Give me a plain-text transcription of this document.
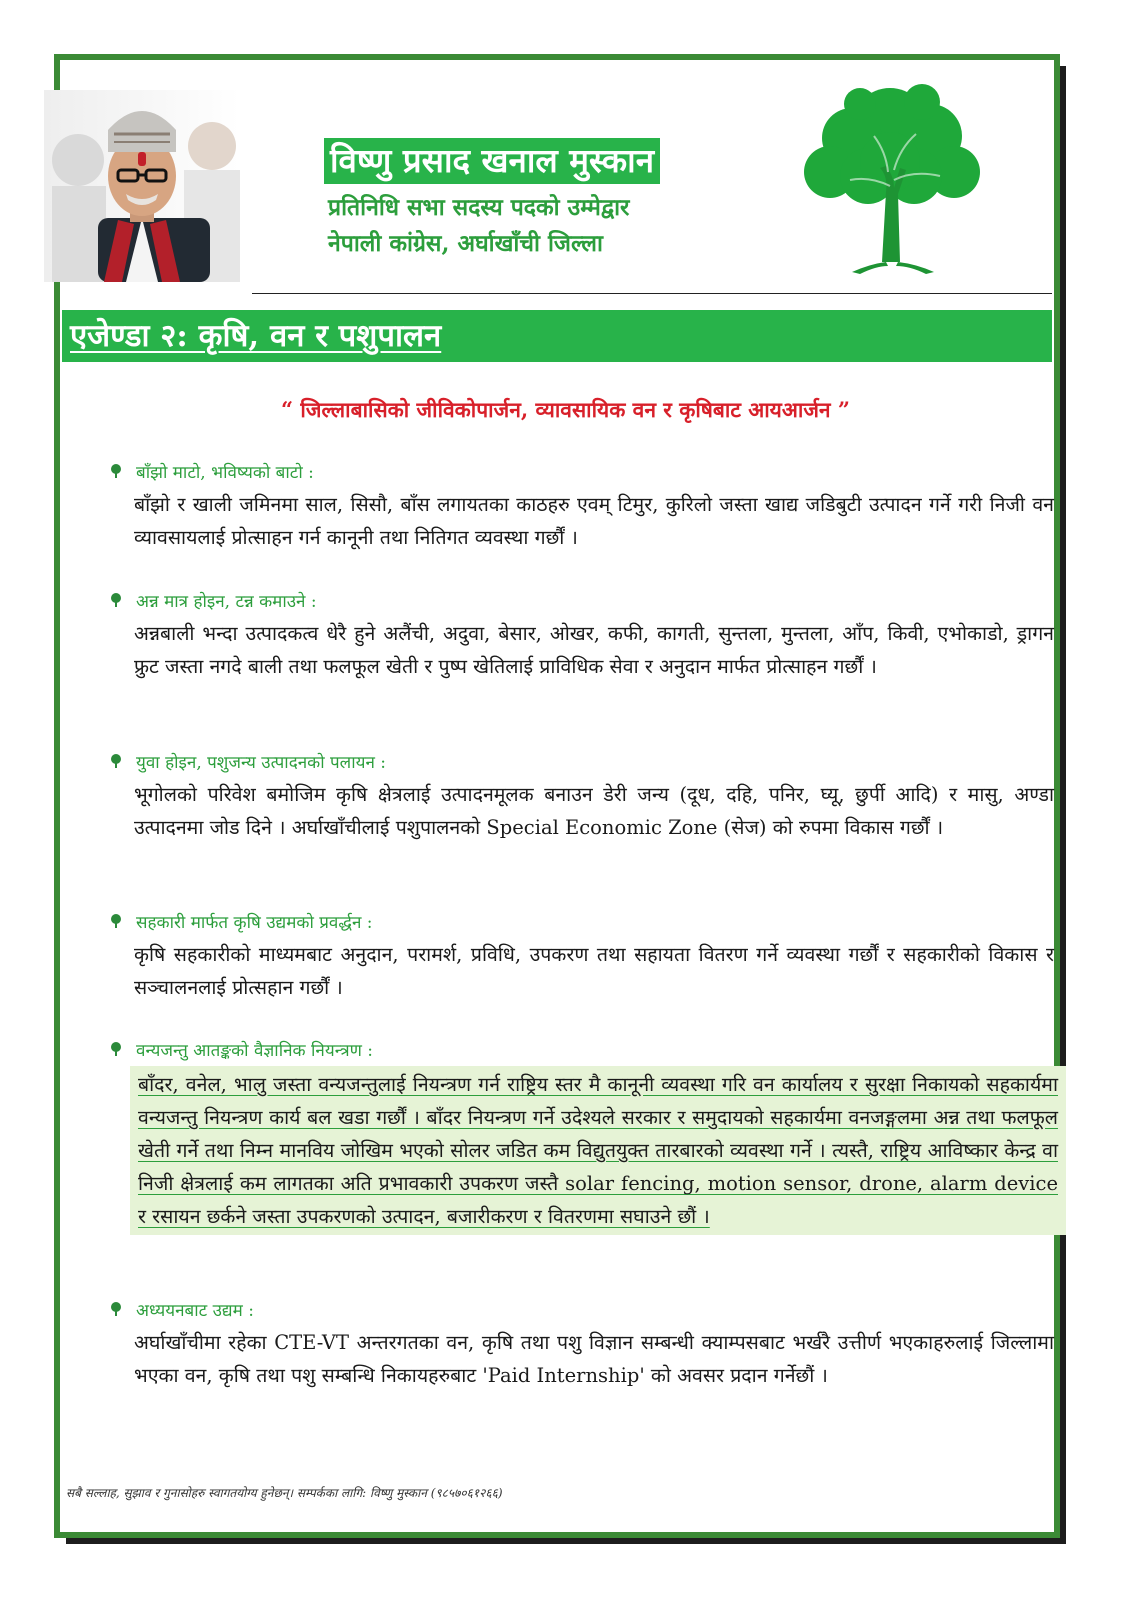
विष्णु प्रसाद खनाल मुस्कान
प्रतिनिधि सभा सदस्य पदको उम्मेद्वार
नेपाली कांग्रेस, अर्घाखाँची जिल्ला
एजेण्डा २: कृषि, वन र पशुपालन
“ जिल्लाबासिको जीविकोपार्जन, व्यावसायिक वन र कृषिबाट आयआर्जन ”
बाँझो माटो, भविष्यको बाटो :
बाँझो र खाली जमिनमा साल, सिसौ, बाँस लगायतका काठहरु एवम् टिमुर, कुरिलो जस्ता खाद्य जडिबुटी उत्पादन गर्ने गरी निजी वन व्यावसायलाई प्रोत्साहन गर्न कानूनी तथा नितिगत व्यवस्था गर्छौं ।
अन्न मात्र होइन, टन्न कमाउने :
अन्नबाली भन्दा उत्पादकत्व धेरै हुने अलैंची, अदुवा, बेसार, ओखर, कफी, कागती, सुन्तला, मुन्तला, आँप, किवी, एभोकाडो, ड्रागन फ्रुट जस्ता नगदे बाली तथा फलफूल खेती र पुष्प खेतिलाई प्राविधिक सेवा र अनुदान मार्फत प्रोत्साहन गर्छौं ।
युवा होइन, पशुजन्य उत्पादनको पलायन :
भूगोलको परिवेश बमोजिम कृषि क्षेत्रलाई उत्पादनमूलक बनाउन डेरी जन्य (दूध, दहि, पनिर, घ्यू, छुर्पी आदि) र मासु, अण्डा उत्पादनमा जोड दिने । अर्घाखाँचीलाई पशुपालनको Special Economic Zone (सेज) को रुपमा विकास गर्छौं ।
सहकारी मार्फत कृषि उद्यमको प्रवर्द्धन :
कृषि सहकारीको माध्यमबाट अनुदान, परामर्श, प्रविधि, उपकरण तथा सहायता वितरण गर्ने व्यवस्था गर्छौं र सहकारीको विकास र सञ्चालनलाई प्रोत्सहान गर्छौं ।
वन्यजन्तु आतङ्कको वैज्ञानिक नियन्त्रण :
बाँदर, वनेल, भालु जस्ता वन्यजन्तुलाई नियन्त्रण गर्न राष्ट्रिय स्तर मै कानूनी व्यवस्था गरि वन कार्यालय र सुरक्षा निकायको सहकार्यमा वन्यजन्तु नियन्त्रण कार्य बल खडा गर्छौं । बाँदर नियन्त्रण गर्ने उदेश्यले सरकार र समुदायको सहकार्यमा वनजङ्गलमा अन्न तथा फलफूल खेती गर्ने तथा निम्न मानविय जोखिम भएको सोलर जडित कम विद्युतयुक्त तारबारको व्यवस्था गर्ने । त्यस्तै, राष्ट्रिय आविष्कार केन्द्र वा निजी क्षेत्रलाई कम लागतका अति प्रभावकारी उपकरण जस्तै solar fencing, motion sensor, drone, alarm device र रसायन छर्कने जस्ता उपकरणको उत्पादन, बजारीकरण र वितरणमा सघाउने छौं ।
अध्ययनबाट उद्यम :
अर्घाखाँचीमा रहेका CTE-VT अन्तरगतका वन, कृषि तथा पशु विज्ञान सम्बन्धी क्याम्पसबाट भर्खरै उत्तीर्ण भएकाहरुलाई जिल्लामा भएका वन, कृषि तथा पशु सम्बन्धि निकायहरुबाट 'Paid Internship' को अवसर प्रदान गर्नेछौं ।
सबै सल्लाह, सुझाव र गुनासोहरु स्वागतयोग्य हुनेछन्। सम्पर्कका लागि: विष्णु मुस्कान (९८५७०६१२६६)
